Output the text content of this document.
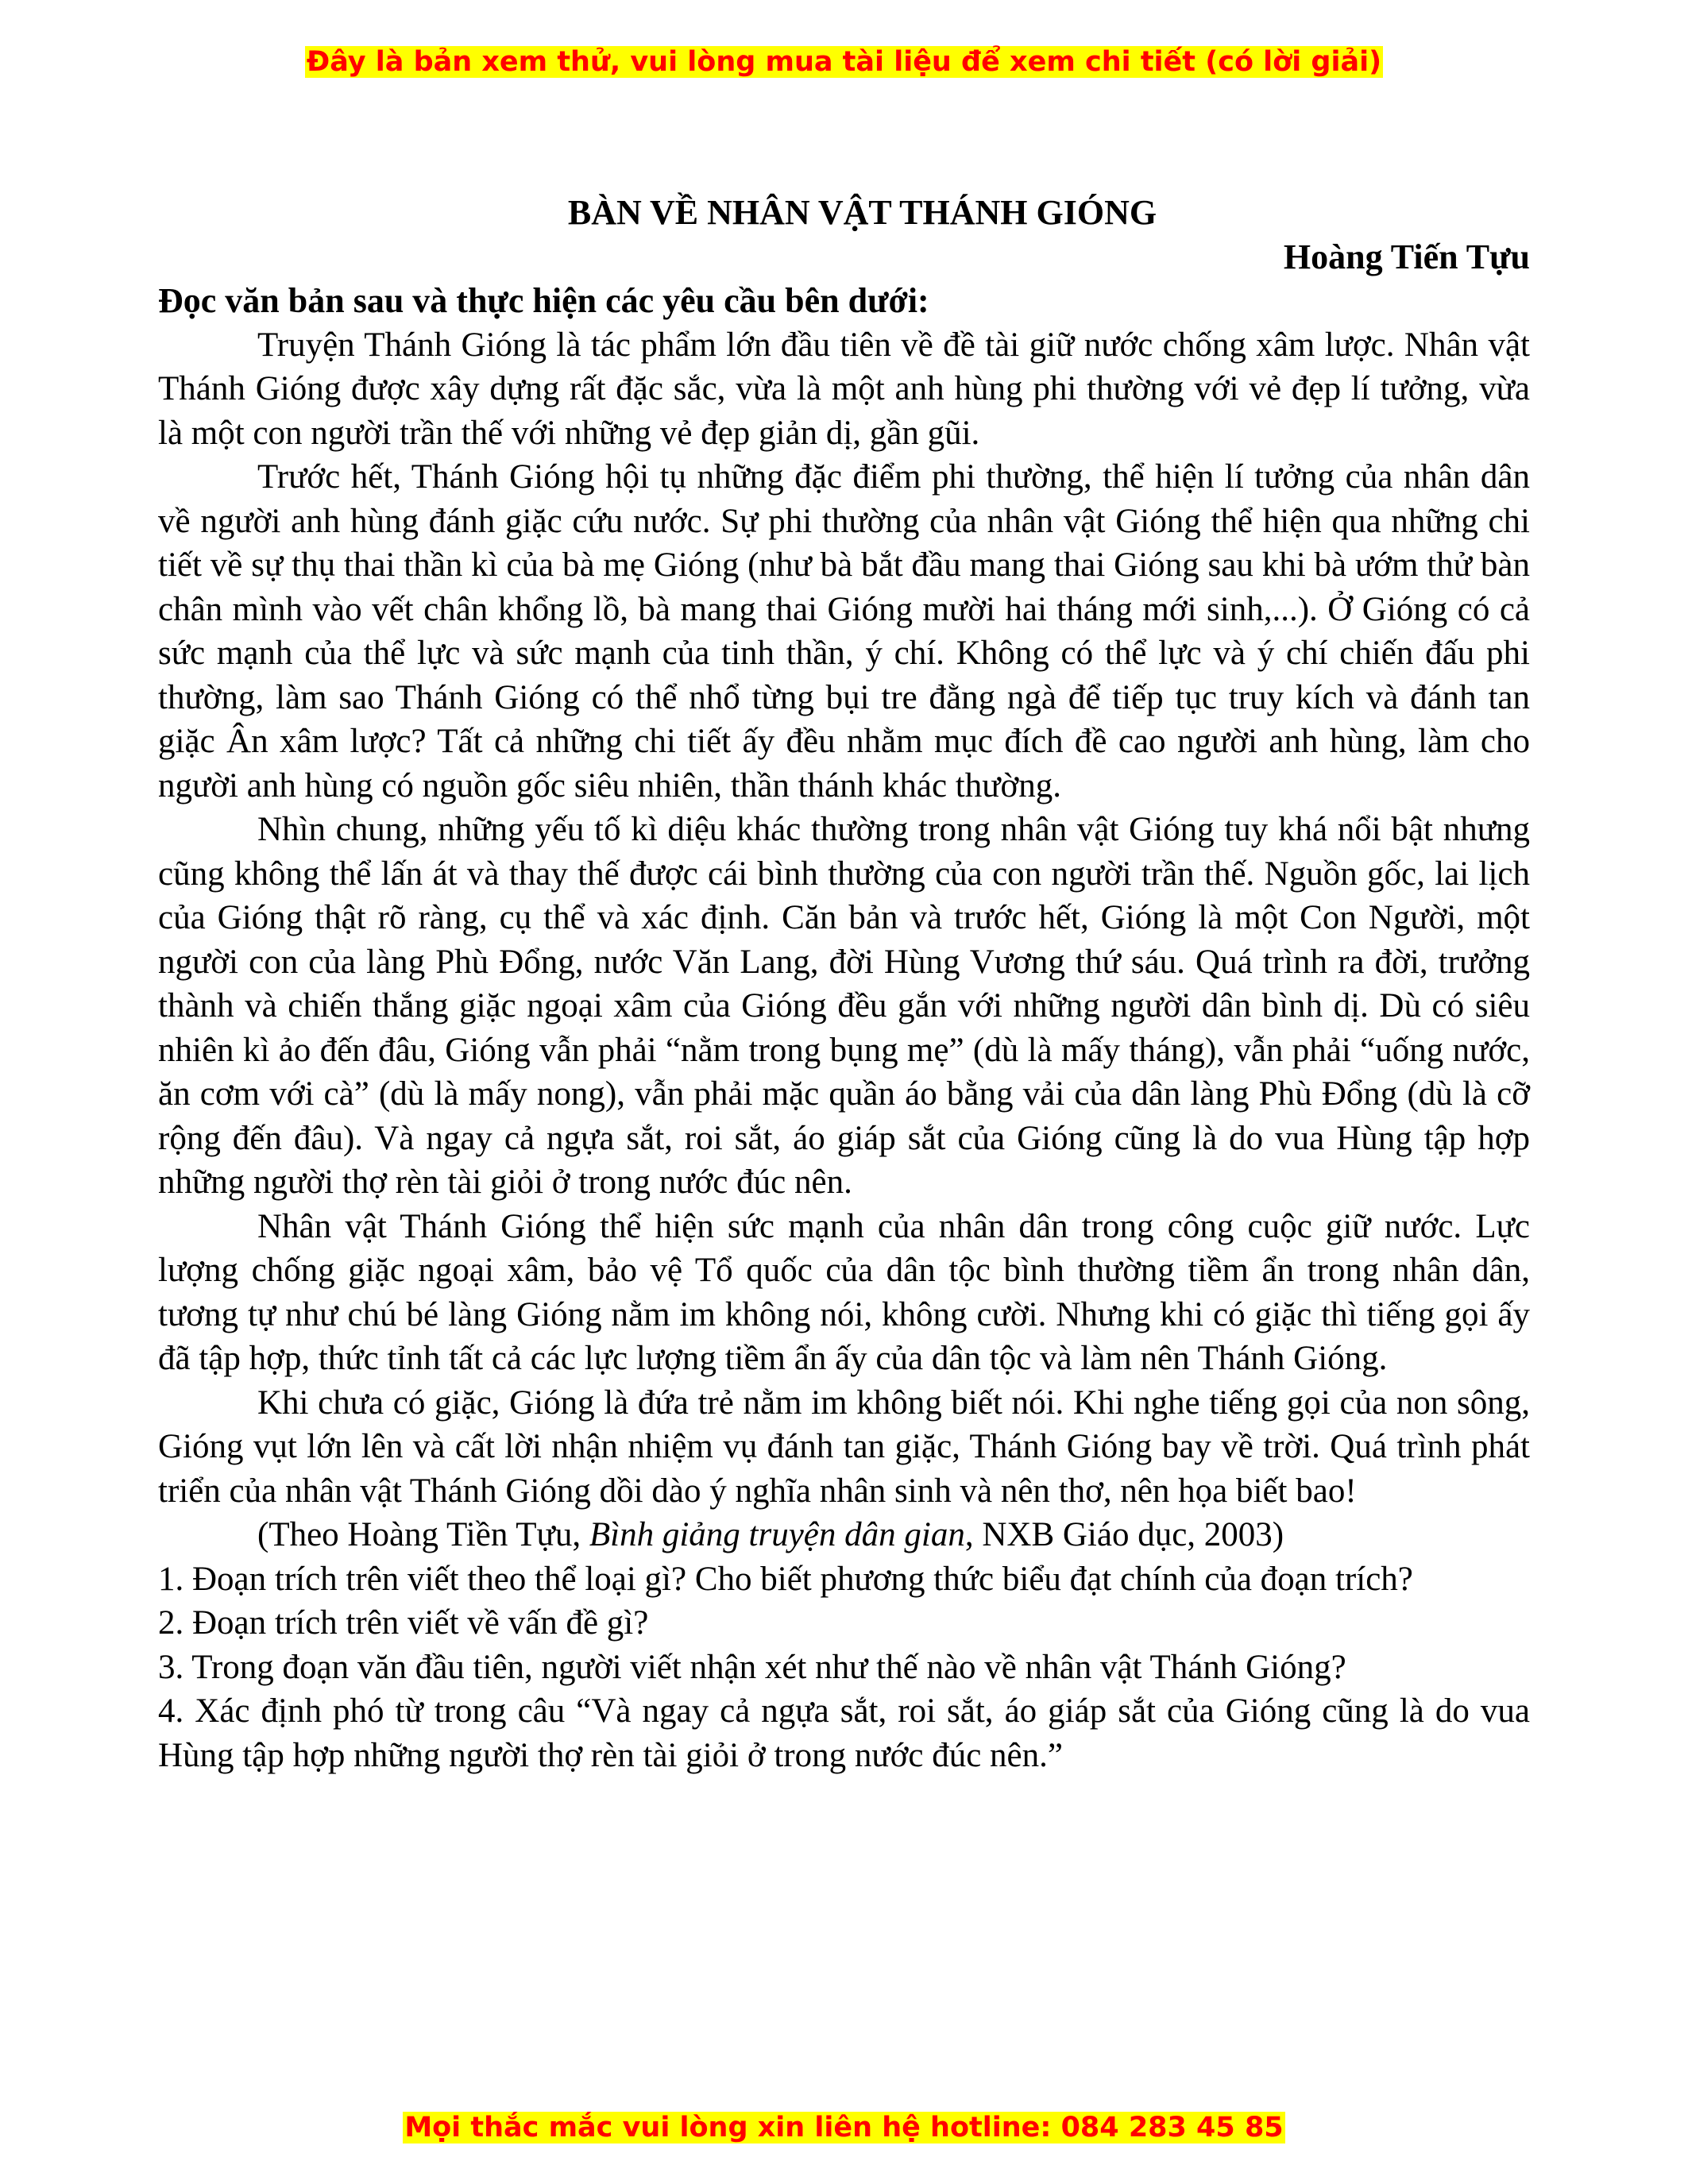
Đây là bản xem thử, vui lòng mua tài liệu để xem chi tiết (có lời giải)

BÀN VỀ NHÂN VẬT THÁNH GIÓNG

Hoàng Tiến Tựu

Đọc văn bản sau và thực hiện các yêu cầu bên dưới:

Truyện Thánh Gióng là tác phẩm lớn đầu tiên về đề tài giữ nước chống xâm lược. Nhân vật Thánh Gióng được xây dựng rất đặc sắc, vừa là một anh hùng phi thường với vẻ đẹp lí tưởng, vừa là một con người trần thế với những vẻ đẹp giản dị, gần gũi.

Trước hết, Thánh Gióng hội tụ những đặc điểm phi thường, thể hiện lí tưởng của nhân dân về người anh hùng đánh giặc cứu nước. Sự phi thường của nhân vật Gióng thể hiện qua những chi tiết về sự thụ thai thần kì của bà mẹ Gióng (như bà bắt đầu mang thai Gióng sau khi bà ướm thử bàn chân mình vào vết chân khổng lồ, bà mang thai Gióng mười hai tháng mới sinh,...). Ở Gióng có cả sức mạnh của thể lực và sức mạnh của tinh thần, ý chí. Không có thể lực và ý chí chiến đấu phi thường, làm sao Thánh Gióng có thể nhổ từng bụi tre đằng ngà để tiếp tục truy kích và đánh tan giặc Ân xâm lược? Tất cả những chi tiết ấy đều nhằm mục đích đề cao người anh hùng, làm cho người anh hùng có nguồn gốc siêu nhiên, thần thánh khác thường.

Nhìn chung, những yếu tố kì diệu khác thường trong nhân vật Gióng tuy khá nổi bật nhưng cũng không thể lấn át và thay thế được cái bình thường của con người trần thế. Nguồn gốc, lai lịch của Gióng thật rõ ràng, cụ thể và xác định. Căn bản và trước hết, Gióng là một Con Người, một người con của làng Phù Đổng, nước Văn Lang, đời Hùng Vương thứ sáu. Quá trình ra đời, trưởng thành và chiến thắng giặc ngoại xâm của Gióng đều gắn với những người dân bình dị. Dù có siêu nhiên kì ảo đến đâu, Gióng vẫn phải “nằm trong bụng mẹ” (dù là mấy tháng), vẫn phải “uống nước, ăn cơm với cà” (dù là mấy nong), vẫn phải mặc quần áo bằng vải của dân làng Phù Đổng (dù là cỡ rộng đến đâu). Và ngay cả ngựa sắt, roi sắt, áo giáp sắt của Gióng cũng là do vua Hùng tập hợp những người thợ rèn tài giỏi ở trong nước đúc nên.

Nhân vật Thánh Gióng thể hiện sức mạnh của nhân dân trong công cuộc giữ nước. Lực lượng chống giặc ngoại xâm, bảo vệ Tổ quốc của dân tộc bình thường tiềm ẩn trong nhân dân, tương tự như chú bé làng Gióng nằm im không nói, không cười. Nhưng khi có giặc thì tiếng gọi ấy đã tập hợp, thức tỉnh tất cả các lực lượng tiềm ẩn ấy của dân tộc và làm nên Thánh Gióng.

Khi chưa có giặc, Gióng là đứa trẻ nằm im không biết nói. Khi nghe tiếng gọi của non sông, Gióng vụt lớn lên và cất lời nhận nhiệm vụ đánh tan giặc, Thánh Gióng bay về trời. Quá trình phát triển của nhân vật Thánh Gióng dồi dào ý nghĩa nhân sinh và nên thơ, nên họa biết bao!

(Theo Hoàng Tiền Tựu, Bình giảng truyện dân gian, NXB Giáo dục, 2003)

1. Đoạn trích trên viết theo thể loại gì? Cho biết phương thức biểu đạt chính của đoạn trích?

2. Đoạn trích trên viết về vấn đề gì?

3. Trong đoạn văn đầu tiên, người viết nhận xét như thế nào về nhân vật Thánh Gióng?

4. Xác định phó từ trong câu “Và ngay cả ngựa sắt, roi sắt, áo giáp sắt của Gióng cũng là do vua Hùng tập hợp những người thợ rèn tài giỏi ở trong nước đúc nên.”

Mọi thắc mắc vui lòng xin liên hệ hotline: 084 283 45 85
